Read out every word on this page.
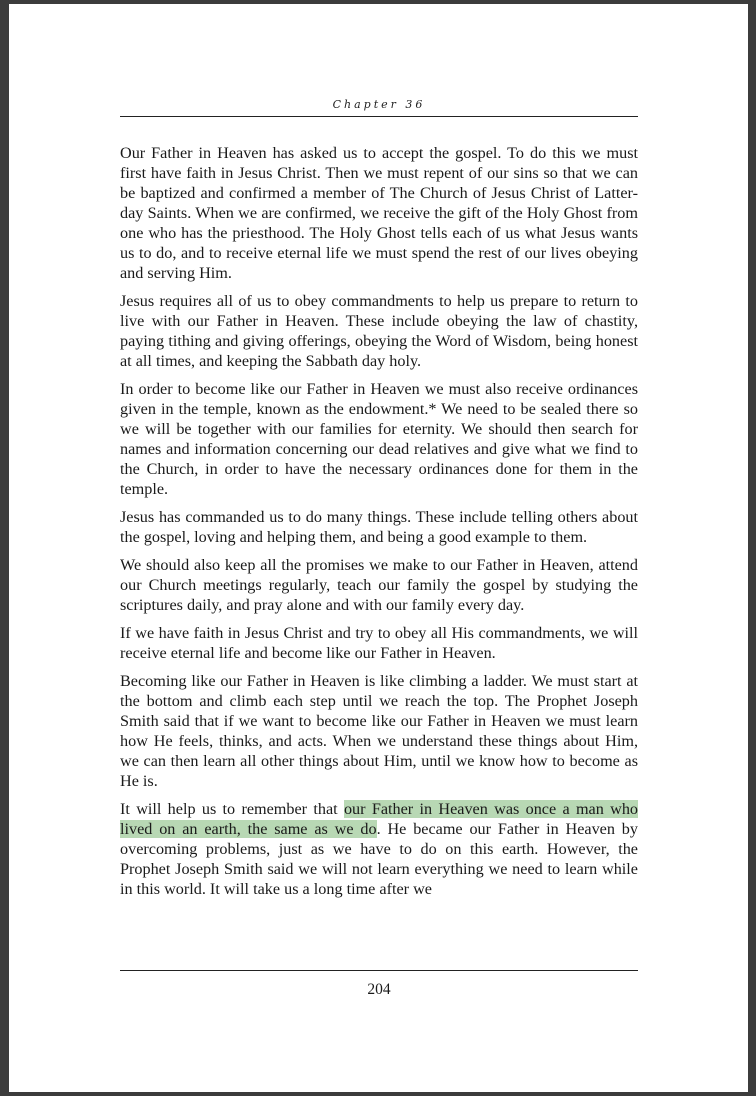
Chapter 36

Our Father in Heaven has asked us to accept the gospel. To do this we must first have faith in Jesus Christ. Then we must repent of our sins so that we can be baptized and confirmed a member of The Church of Jesus Christ of Latter-day Saints. When we are confirmed, we receive the gift of the Holy Ghost from one who has the priesthood. The Holy Ghost tells each of us what Jesus wants us to do, and to receive eternal life we must spend the rest of our lives obeying and serving Him.

Jesus requires all of us to obey commandments to help us prepare to return to live with our Father in Heaven. These include obeying the law of chastity, paying tithing and giving offerings, obeying the Word of Wisdom, being honest at all times, and keeping the Sabbath day holy.

In order to become like our Father in Heaven we must also receive ordinances given in the temple, known as the endowment.* We need to be sealed there so we will be together with our families for eternity. We should then search for names and information concerning our dead relatives and give what we find to the Church, in order to have the necessary ordinances done for them in the temple.

Jesus has commanded us to do many things. These include telling others about the gospel, loving and helping them, and being a good example to them.

We should also keep all the promises we make to our Father in Heaven, attend our Church meetings regularly, teach our family the gospel by studying the scriptures daily, and pray alone and with our family every day.

If we have faith in Jesus Christ and try to obey all His commandments, we will receive eternal life and become like our Father in Heaven.

Becoming like our Father in Heaven is like climbing a ladder. We must start at the bottom and climb each step until we reach the top. The Prophet Joseph Smith said that if we want to become like our Father in Heaven we must learn how He feels, thinks, and acts. When we understand these things about Him, we can then learn all other things about Him, until we know how to become as He is.

It will help us to remember that our Father in Heaven was once a man who lived on an earth, the same as we do. He became our Father in Heaven by overcoming problems, just as we have to do on this earth. However, the Prophet Joseph Smith said we will not learn everything we need to learn while in this world. It will take us a long time after we

204
